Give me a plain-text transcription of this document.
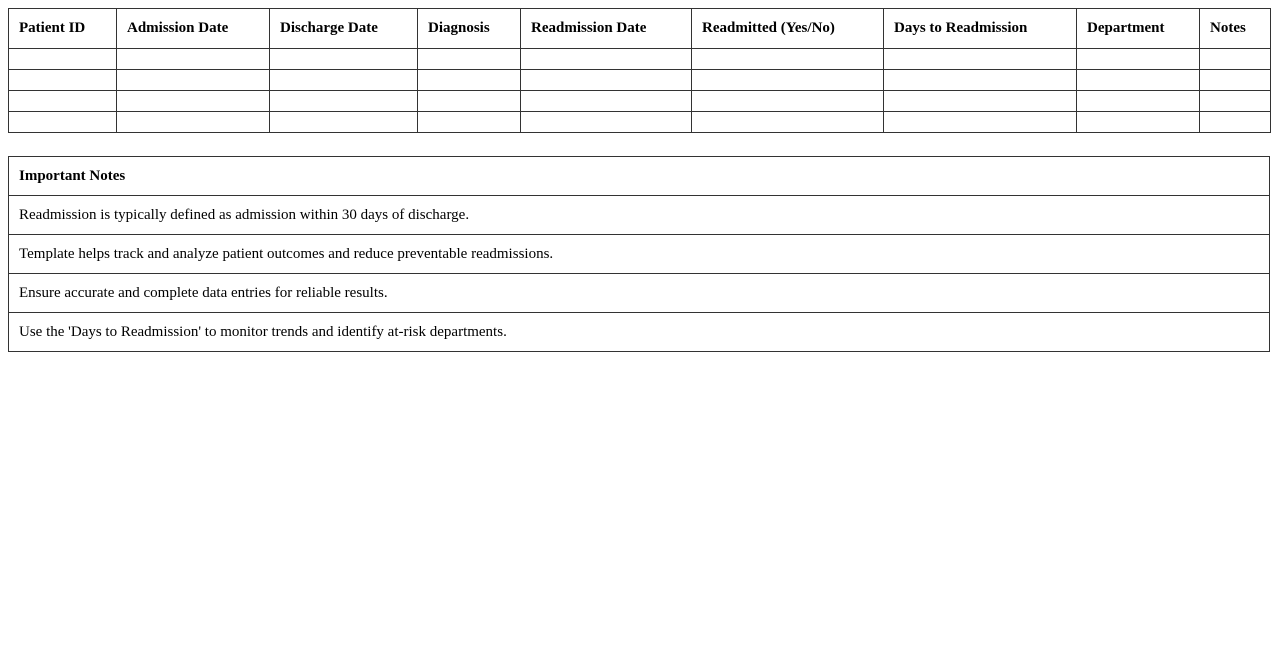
Patient ID	Admission Date	Discharge Date	Diagnosis	Readmission Date	Readmitted (Yes/No)	Days to Readmission	Department	Notes

Important Notes
Readmission is typically defined as admission within 30 days of discharge.
Template helps track and analyze patient outcomes and reduce preventable readmissions.
Ensure accurate and complete data entries for reliable results.
Use the 'Days to Readmission' to monitor trends and identify at-risk departments.
